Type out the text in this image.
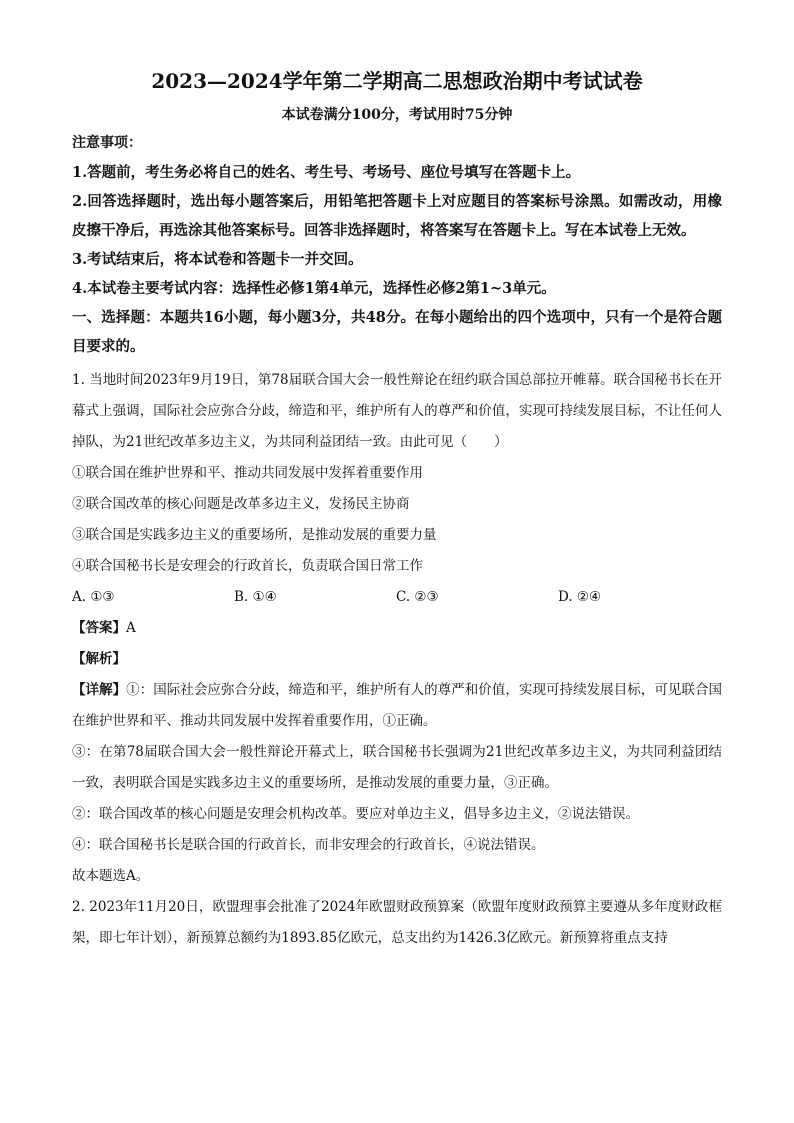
2023—2024学年第二学期高二思想政治期中考试试卷
本试卷满分100分，考试用时75分钟
注意事项：
1.答题前，考生务必将自己的姓名、考生号、考场号、座位号填写在答题卡上。
2.回答选择题时，选出每小题答案后，用铅笔把答题卡上对应题目的答案标号涂黑。如需改动，用橡皮擦干净后，再选涂其他答案标号。回答非选择题时，将答案写在答题卡上。写在本试卷上无效。
3.考试结束后，将本试卷和答题卡一并交回。
4.本试卷主要考试内容：选择性必修1第4单元，选择性必修2第1~3单元。
一、选择题：本题共16小题，每小题3分，共48分。在每小题给出的四个选项中，只有一个是符合题目要求的。
1. 当地时间2023年9月19日，第78届联合国大会一般性辩论在纽约联合国总部拉开帷幕。联合国秘书长在开幕式上强调，国际社会应弥合分歧，缔造和平，维护所有人的尊严和价值，实现可持续发展目标，不让任何人掉队，为21世纪改革多边主义，为共同利益团结一致。由此可见（　　）
①联合国在维护世界和平、推动共同发展中发挥着重要作用
②联合国改革的核心问题是改革多边主义，发扬民主协商
③联合国是实践多边主义的重要场所，是推动发展的重要力量
④联合国秘书长是安理会的行政首长，负责联合国日常工作
A. ①③	B. ①④	C. ②③	D. ②④
【答案】A
【解析】
【详解】①：国际社会应弥合分歧，缔造和平，维护所有人的尊严和价值，实现可持续发展目标，可见联合国在维护世界和平、推动共同发展中发挥着重要作用，①正确。
③：在第78届联合国大会一般性辩论开幕式上，联合国秘书长强调为21世纪改革多边主义，为共同利益团结一致，表明联合国是实践多边主义的重要场所，是推动发展的重要力量，③正确。
②：联合国改革的核心问题是安理会机构改革。要应对单边主义，倡导多边主义，②说法错误。
④：联合国秘书长是联合国的行政首长，而非安理会的行政首长，④说法错误。
故本题选A。
2. 2023年11月20日，欧盟理事会批准了2024年欧盟财政预算案（欧盟年度财政预算主要遵从多年度财政框架，即七年计划），新预算总额约为1893.85亿欧元，总支出约为1426.3亿欧元。新预算将重点支持
